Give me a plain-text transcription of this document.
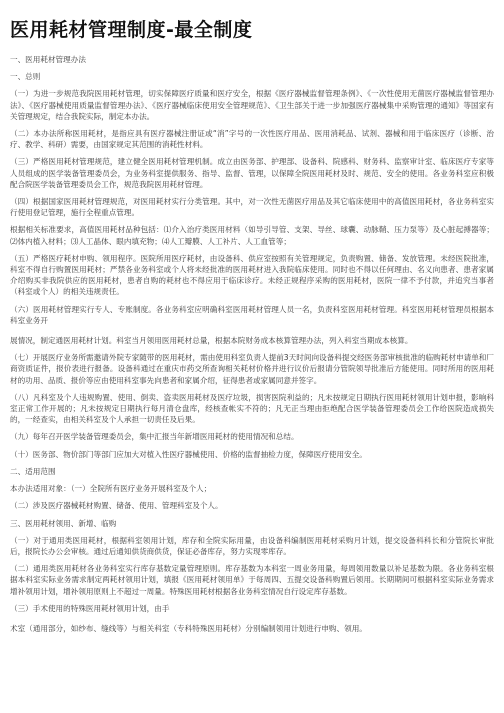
医用耗材管理制度-最全制度

一、医用耗材管理办法

一、总则

（一）为进一步规范我院医用耗材管理，切实保障医疗质量和医疗安全，根据《医疗器械监督管理条例》、《一次性使用无菌医疗器械监督管理办法》、《医疗器械使用质量监督管理办法》、《医疗器械临床使用安全管理规范》、《卫生部关于进一步加强医疗器械集中采购管理的通知》等国家有关管理规定，结合我院实际，制定本办法。

（二）本办法所称医用耗材，是指应具有医疗器械注册证或“消”字号的一次性医疗用品、医用消耗品、试剂、器械和用于临床医疗（诊断、治疗、教学、科研）需要，由国家规定其范围的消耗性材料。

（三）严格医用耗材管理规范，建立健全医用耗材管理机制。成立由医务部、护理部、设备科、院感科、财务科、监察审计室、临床医疗专家等人员组成的医学装备管理委员会，为业务科室提供服务、指导、监督、管理，以保障全院医用耗材及时、规范、安全的使用。各业务科室应积极配合院医学装备管理委员会工作，规范我院医用耗材管理。

（四）根据国家医用耗材管理规范，对医用耗材实行分类管理。其中，对一次性无菌医疗用品及其它临床使用中的高值医用耗材，各业务科室实行使用登记管理，施行全程重点管理。

根据相关标准要求，高值医用耗材品种包括：⑴介入治疗类医用材料（如导引导管、支架、导丝、球囊、动脉鞘、压力泵等）及心脏起搏器等；⑵体内植入材料；⑶人工晶体、眼内填充物；⑷人工瓣膜、人工补片、人工血管等；

（五）严格医疗耗材申购、领用程序。医院所用医疗耗材，由设备科、供应室按照有关管理规定，负责购置、储备、发放管理。未经医院批准，科室不得自行购置医用耗材；严禁各业务科室或个人将未经批准的医用耗材进入我院临床使用。同时也不得以任何理由、名义向患者、患者家属介绍购买非我院供应的医用耗材，患者自购的耗材也不得应用于临床诊疗。未经正规程序采购的医用耗材，医院一律不予付款，并追究当事者（科室或个人）的相关违规责任。

（六）医用耗材管理实行专人、专账制度。各业务科室应明确科室医用耗材管理人员一名，负责科室医用耗材管理。科室医用耗材管理员根据本科室业务开

展情况，制定通医用耗材计划。科室当月领用医用耗材总量，根据本院财务成本核算管理办法，列入科室当期成本核算。

（七）开展医疗业务所需邀请外院专家随带的医用耗材，需由使用科室负责人提前3天时间向设备科提交经医务部审核批准的临购耗材申请单和厂商资质证件，报价表进行报备。设备科通过在重庆市药交所查询相关耗材价格并进行议价后报请分管院领导批准后方能使用。同时所用的医用耗材的功用、品质、报价等应由使用科室事先向患者和家属介绍，征得患者或家属同意并签字。

（八）凡科室及个人违规购置、使用、倒卖、盗卖医用耗材及医疗垃圾，损害医院利益的；凡未按规定日期执行医用耗材领用计划申报，影响科室正常工作开展的；凡未按规定日期执行每月清仓盘库，经核查帐实不符的；凡无正当理由拒绝配合医学装备管理委员会工作给医院造成损失的，一经查实，由相关科室及个人承担一切责任及后果。

（九）每年召开医学装备管理委员会，集中汇报当年新增医用耗材的使用情况和总结。

（十）医务部、物价部门等部门应加大对植入性医疗器械使用、价格的监督抽检力度，保障医疗使用安全。

二、适用范围

本办法适用对象：（一）全院所有医疗业务开展科室及个人；

（二）涉及医疗器械耗材购置、储备、使用、管理科室及个人。

三、医用耗材领用、新增、临购

（一）对于通用类医用耗材，根据科室领用计划，库存和全院实际用量，由设备科编制医用耗材采购月计划，提交设备科科长和分管院长审批后，报院长办公会审核。通过后通知供货商供货，保证必备库存，努力实现零库存。

（二）通用类医用耗材各业务科室实行库存基数定量管理原则。库存基数为本科室一周业务用量，每周领用数量以补足基数为限。各业务科室根据本科室实际业务需求制定两耗材领用计划，填报《医用耗材领用单》于每周四、五提交设备科购置后领用。长期期间可根据科室实际业务需求增补领用计划，增补领用原则上不超过一周量。特殊医用耗材根据各业务科室情况自行设定库存基数。

（三）手术使用的特殊医用耗材领用计划，由手

术室（通用部分，如纱布、缝线等）与相关科室（专科特殊医用耗材）分别编制领用计划进行申购、领用。
